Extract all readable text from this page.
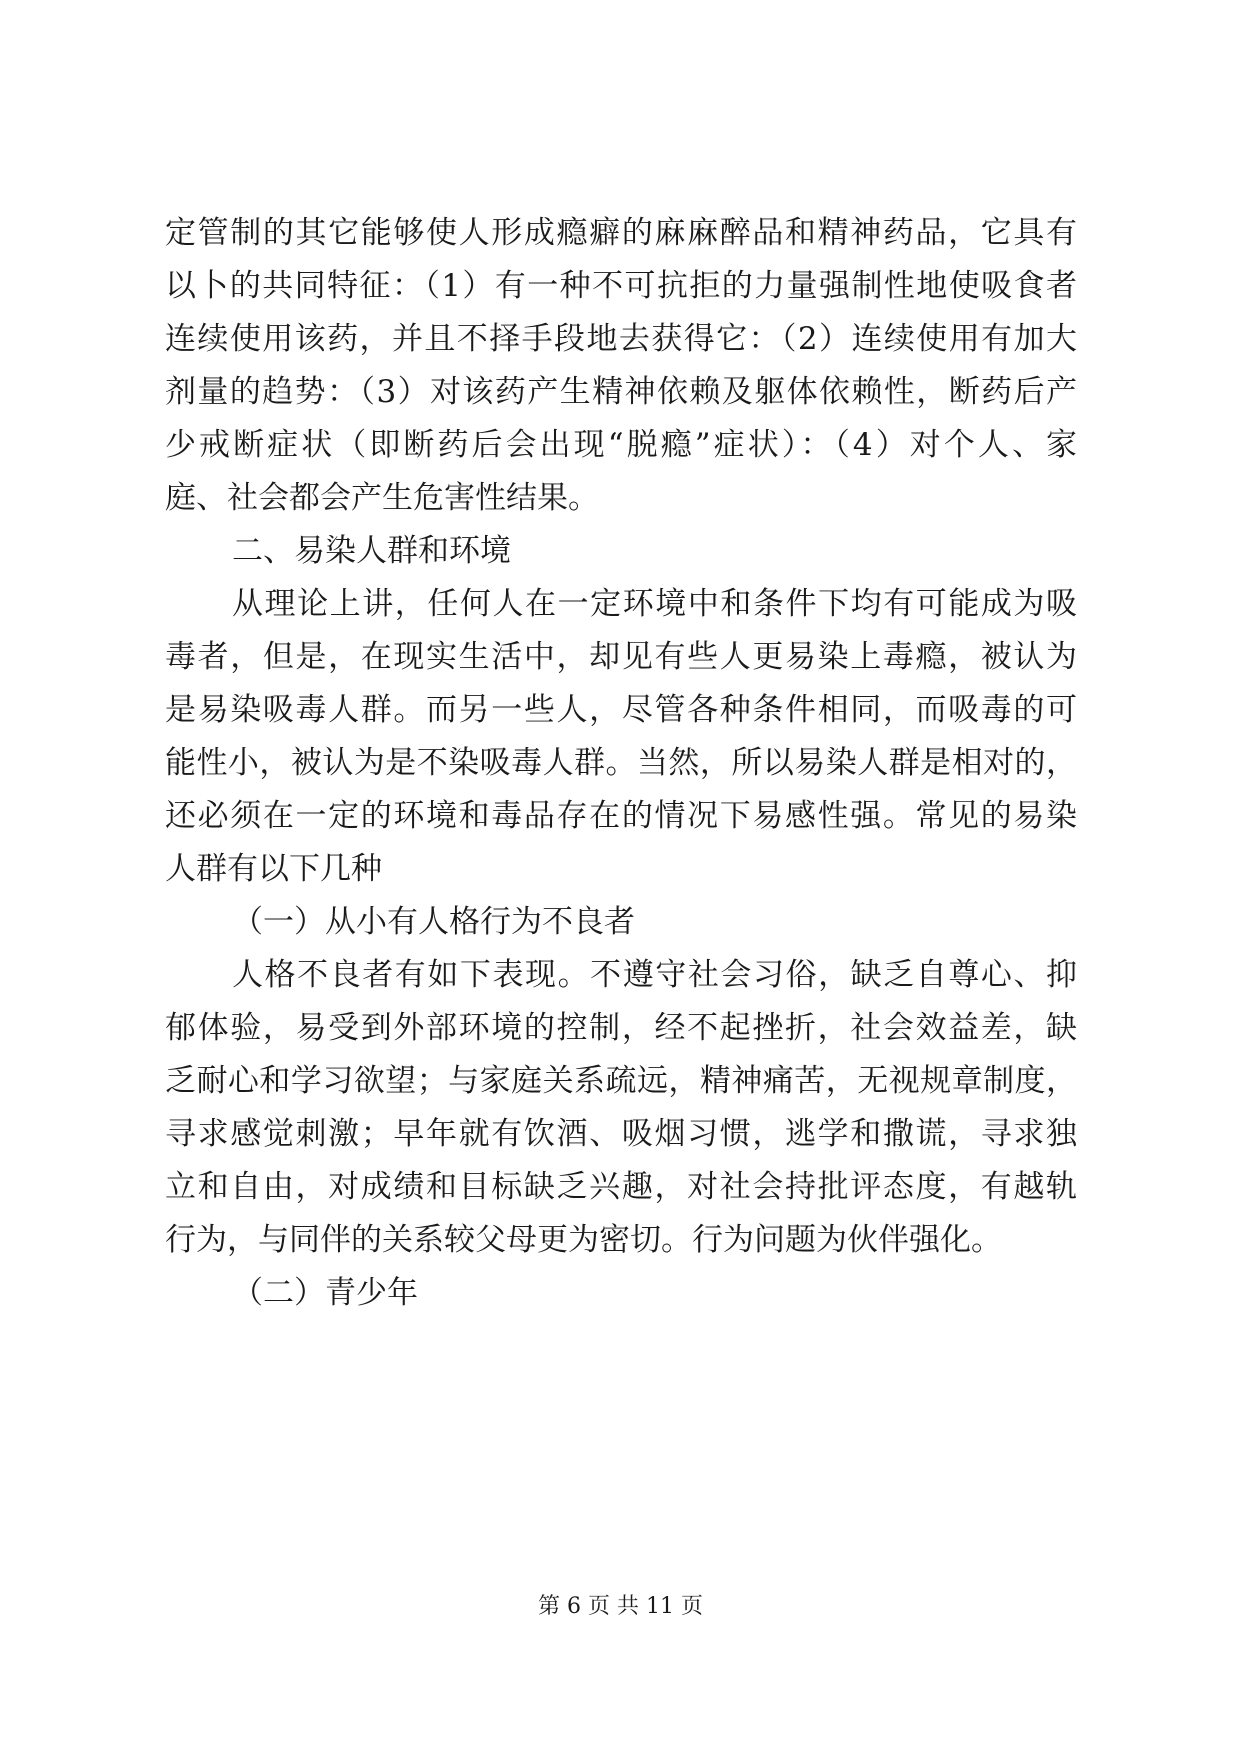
定管制的其它能够使人形成瘾癖的麻麻醉品和精神药品，它具有
以卜的共同特征：（1）有一种不可抗拒的力量强制性地使吸食者
连续使用该药，并且不择手段地去获得它：（2）连续使用有加大
剂量的趋势：（3）对该药产生精神依赖及躯体依赖性，断药后产
少戒断症状（即断药后会出现“脱瘾”症状）：（4）对个人、家
庭、社会都会产生危害性结果。
二、易染人群和环境
从理论上讲，任何人在一定环境中和条件下均有可能成为吸
毒者，但是，在现实生活中，却见有些人更易染上毒瘾，被认为
是易染吸毒人群。而另一些人，尽管各种条件相同，而吸毒的可
能性小，被认为是不染吸毒人群。当然，所以易染人群是相对的，
还必须在一定的环境和毒品存在的情况下易感性强。常见的易染
人群有以下几种
（一）从小有人格行为不良者
人格不良者有如下表现。不遵守社会习俗，缺乏自尊心、抑
郁体验，易受到外部环境的控制，经不起挫折，社会效益差，缺
乏耐心和学习欲望；与家庭关系疏远，精神痛苦，无视规章制度，
寻求感觉刺激；早年就有饮酒、吸烟习惯，逃学和撒谎，寻求独
立和自由，对成绩和目标缺乏兴趣，对社会持批评态度，有越轨
行为，与同伴的关系较父母更为密切。行为问题为伙伴强化。
（二）青少年
第 6 页 共 11 页
